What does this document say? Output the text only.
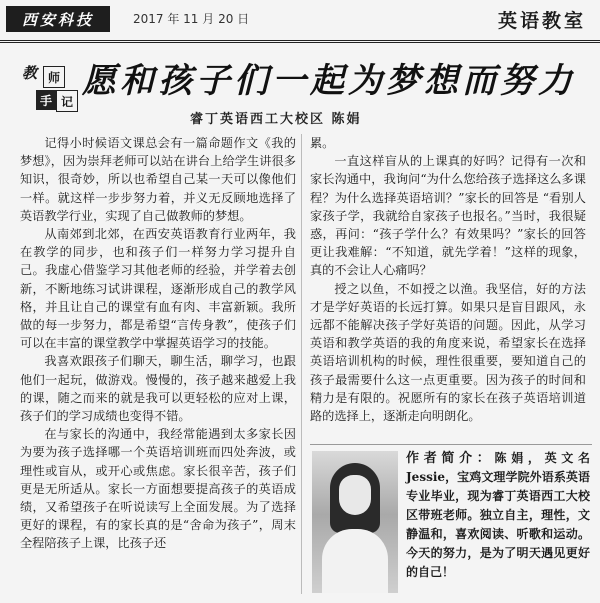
西安科技	2017 年 11 月 20 日	英语教室
教 师
手 记
愿和孩子们一起为梦想而努力
睿丁英语西工大校区 陈娟

记得小时候语文课总会有一篇命题作文《我的梦想》，因为崇拜老师可以站在讲台上给学生讲很多知识，很奇妙，所以也希望自己某一天可以像他们一样。就这样一步步努力着，并义无反顾地选择了英语教学行业，实现了自己做教师的梦想。

从南郊到北郊，在西安英语教育行业两年，我在教学的同步，也和孩子们一样努力学习提升自己。我虚心借鉴学习其他老师的经验，并学着去创新，不断地练习试讲课程，逐渐形成自己的教学风格，并且让自己的课堂有血有肉、丰富新颖。我所做的每一步努力，都是希望“言传身教”，使孩子们可以在丰富的课堂教学中掌握英语学习的技能。

我喜欢跟孩子们聊天，聊生活，聊学习，也跟他们一起玩，做游戏。慢慢的，孩子越来越爱上我的课，随之而来的就是我可以更轻松的应对上课，孩子们的学习成绩也变得不错。

在与家长的沟通中，我经常能遇到太多家长因为要为孩子选择哪一个英语培训班而四处奔波，或理性或盲从，或开心或焦虑。家长很辛苦，孩子们更是无所适从。家长一方面想要提高孩子的英语成绩，又希望孩子在听说读写上全面发展。为了选择更好的课程，有的家长真的是“舍命为孩子”，周末全程陪孩子上课，比孩子还

累。

一直这样盲从的上课真的好吗？记得有一次和家长沟通中，我询问“为什么您给孩子选择这么多课程？为什么选择英语培训？”家长的回答是 “看别人家孩子学，我就给自家孩子也报名。”当时，我很疑惑，再问：“孩子学什么？有效果吗？”家长的回答更让我难解：“不知道，就先学着！”这样的现象，真的不会让人心痛吗？

授之以鱼，不如授之以渔。我坚信，好的方法才是学好英语的长远打算。如果只是盲目跟风，永远都不能解决孩子学好英语的问题。因此，从学习英语和教学英语的我的角度来说，希望家长在选择英语培训机构的时候，理性很重要，要知道自己的孩子最需要什么这一点更重要。因为孩子的时间和精力是有限的。祝愿所有的家长在孩子英语培训道路的选择上，逐渐走向明朗化。

作者简介：陈娟，英文名Jessie，宝鸡文理学院外语系英语专业毕业，现为睿丁英语西工大校区带班老师。独立自主，理性，文静温和，喜欢阅读、听歌和运动。今天的努力，是为了明天遇见更好的自己！
